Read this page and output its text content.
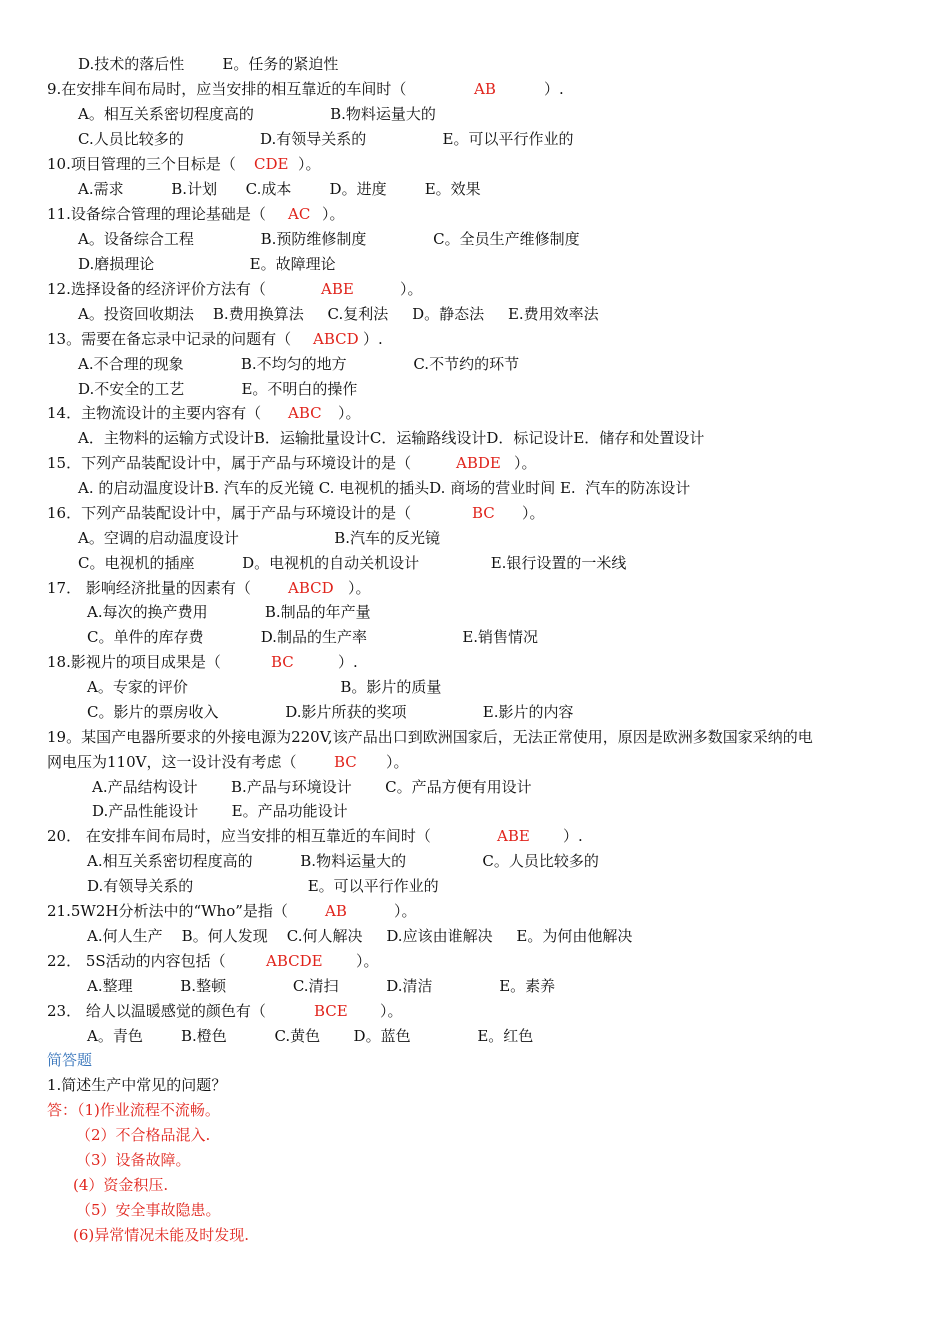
D.技术的落后性        E。任务的紧迫性
9.在安排车间布局时，应当安排的相互靠近的车间时（	AB	）.
A。相互关系密切程度高的                B.物料运量大的
C.人员比较多的                D.有领导关系的                E。可以平行作业的
10.项目管理的三个目标是（ CDE ）。
A.需求          B.计划      C.成本        D。进度        E。效果
11.设备综合管理的理论基础是（ AC ）。
A。设备综合工程              B.预防维修制度              C。全员生产维修制度
D.磨损理论                    E。故障理论
12.选择设备的经济评价方法有（	ABE	）。
A。投资回收期法    B.费用换算法     C.复利法     D。静态法     E.费用效率法
13。需要在备忘录中记录的问题有（ ABCD ）.
A.不合理的现象            B.不均匀的地方              C.不节约的环节
D.不安全的工艺            E。不明白的操作
14．主物流设计的主要内容有（ ABC ）。
A．主物料的运输方式设计B．运输批量设计C．运输路线设计D．标记设计E．储存和处置设计
15．下列产品装配设计中，属于产品与环境设计的是（	ABDE ）。
A. 的启动温度设计B. 汽车的反光镜 C. 电视机的插头D. 商场的营业时间 E.  汽车的防冻设计
16．下列产品装配设计中，属于产品与环境设计的是（	BC ）。
A。空调的启动温度设计                    B.汽车的反光镜
C。电视机的插座          D。电视机的自动关机设计               E.银行设置的一米线
17． 影响经济批量的因素有（ ABCD ）。
A.每次的换产费用            B.制品的年产量
C。单件的库存费            D.制品的生产率                    E.销售情况
18.影视片的项目成果是（	BC	）.
A。专家的评价                                B。影片的质量
C。影片的票房收入              D.影片所获的奖项                E.影片的内容
19。某国产电器所要求的外接电源为220V,该产品出口到欧洲国家后，无法正常使用，原因是欧洲多数国家采纳的电
网电压为110V，这一设计没有考虑（	BC ）。
A.产品结构设计       B.产品与环境设计       C。产品方便有用设计
D.产品性能设计       E。产品功能设计
20． 在安排车间布局时，应当安排的相互靠近的车间时（	ABE ）.
A.相互关系密切程度高的          B.物料运量大的                C。人员比较多的
D.有领导关系的                        E。可以平行作业的
21.5W2H分析法中的“Who”是指（ AB	）。
A.何人生产    B。何人发现    C.何人解决     D.应该由谁解决     E。为何由他解决
22． 5S活动的内容包括（	ABCDE ）。
A.整理          B.整顿              C.清扫          D.清洁              E。素养
23． 给人以温暖感觉的颜色有（	BCE ）。
A。青色        B.橙色          C.黄色       D。蓝色              E。红色
简答题
1.简述生产中常见的问题？
答：（1)作业流程不流畅。
（2）不合格品混入.
（3）设备故障。
(4）资金积压.
（5）安全事故隐患。
(6)异常情况未能及时发现.
